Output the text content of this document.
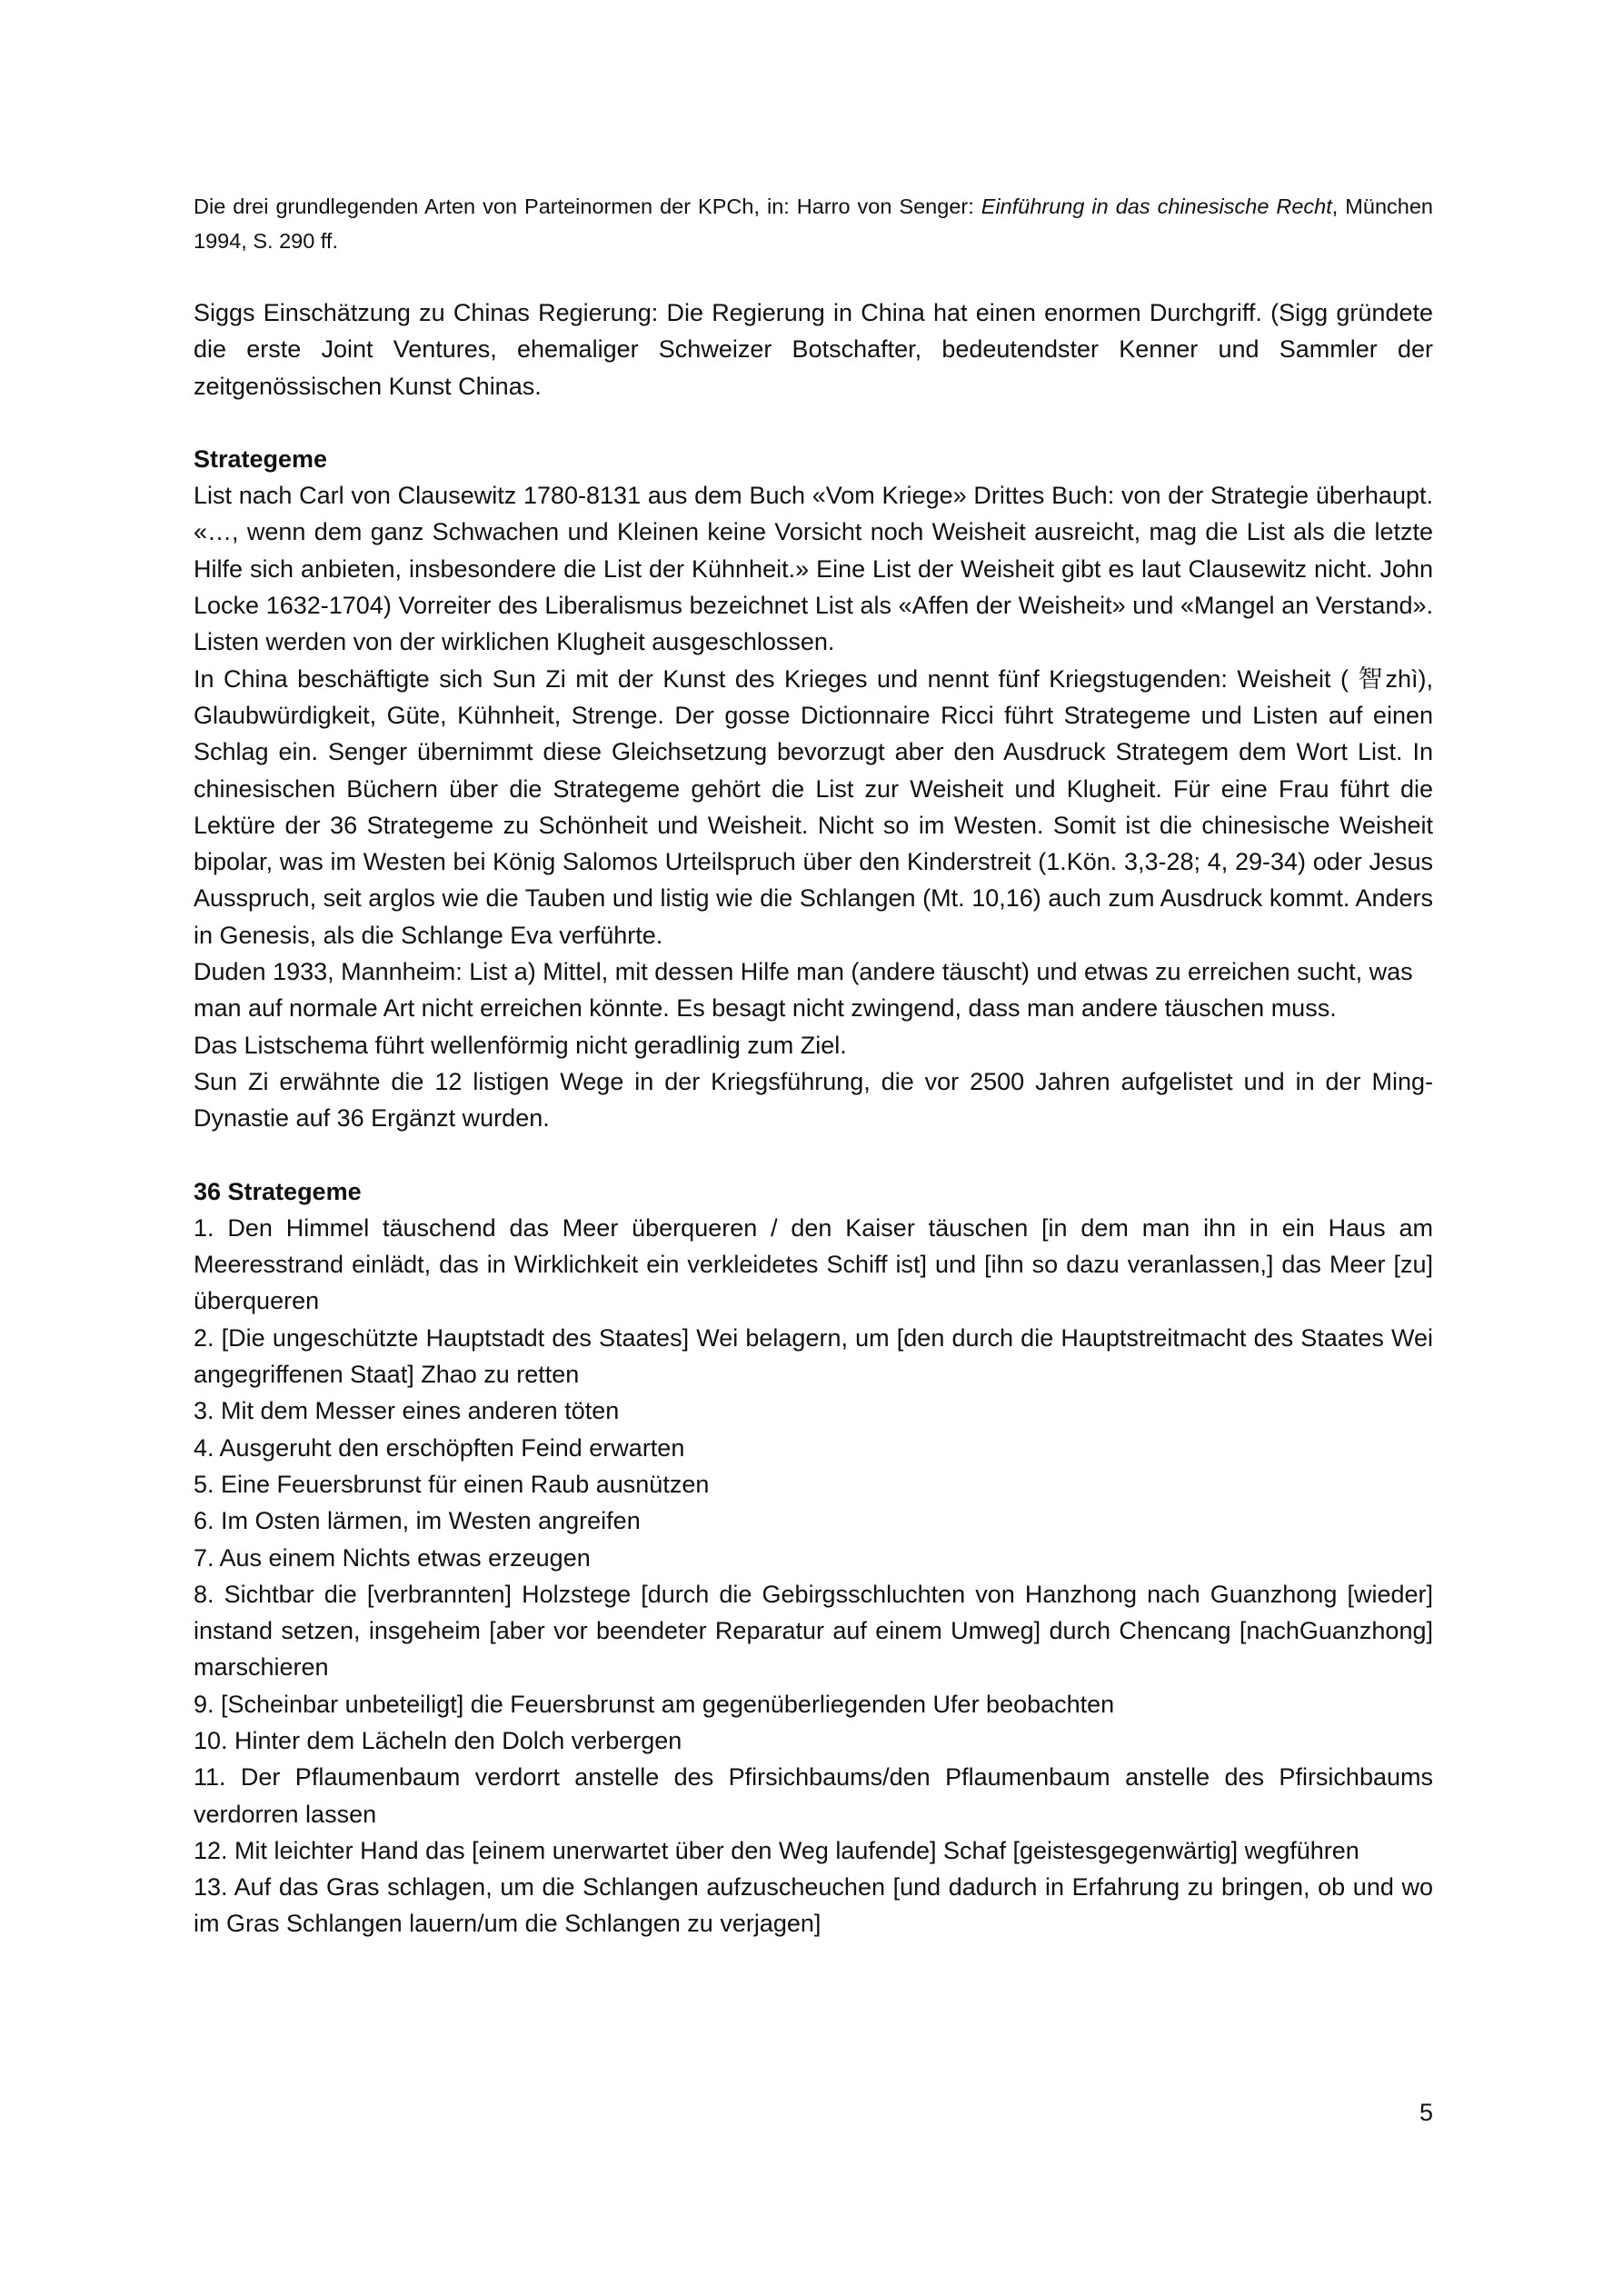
Die drei grundlegenden Arten von Parteinormen der KPCh, in: Harro von Senger: Einführung in das chinesische Recht, München 1994, S. 290 ff.

Siggs Einschätzung zu Chinas Regierung: Die Regierung in China hat einen enormen Durchgriff. (Sigg gründete die erste Joint Ventures, ehemaliger Schweizer Botschafter, bedeutendster Kenner und Sammler der zeitgenössischen Kunst Chinas.

Strategeme

List nach Carl von Clausewitz 1780-8131 aus dem Buch «Vom Kriege» Drittes Buch: von der Strategie überhaupt. «…, wenn dem ganz Schwachen und Kleinen keine Vorsicht noch Weisheit ausreicht, mag die List als die letzte Hilfe sich anbieten, insbesondere die List der Kühnheit.» Eine List der Weisheit gibt es laut Clausewitz nicht. John Locke 1632-1704) Vorreiter des Liberalismus bezeichnet List als «Affen der Weisheit» und «Mangel an Verstand». Listen werden von der wirklichen Klugheit ausgeschlossen.

In China beschäftigte sich Sun Zi mit der Kunst des Krieges und nennt fünf Kriegstugenden: Weisheit ( 智zhì), Glaubwürdigkeit, Güte, Kühnheit, Strenge. Der gosse Dictionnaire Ricci führt Strategeme und Listen auf einen Schlag ein. Senger übernimmt diese Gleichsetzung bevorzugt aber den Ausdruck Strategem dem Wort List. In chinesischen Büchern über die Strategeme gehört die List zur Weisheit und Klugheit. Für eine Frau führt die Lektüre der 36 Strategeme zu Schönheit und Weisheit. Nicht so im Westen. Somit ist die chinesische Weisheit bipolar, was im Westen bei König Salomos Urteilspruch über den Kinderstreit (1.Kön. 3,3-28; 4, 29-34) oder Jesus Ausspruch, seit arglos wie die Tauben und listig wie die Schlangen (Mt. 10,16) auch zum Ausdruck kommt. Anders in Genesis, als die Schlange Eva verführte.

Duden 1933, Mannheim: List a) Mittel, mit dessen Hilfe man (andere täuscht) und etwas zu erreichen sucht, was man auf normale Art nicht erreichen könnte. Es besagt nicht zwingend, dass man andere täuschen muss.

Das Listschema führt wellenförmig nicht geradlinig zum Ziel.

Sun Zi erwähnte die 12 listigen Wege in der Kriegsführung, die vor 2500 Jahren aufgelistet und in der Ming-Dynastie auf 36 Ergänzt wurden.

36 Strategeme

1. Den Himmel täuschend das Meer überqueren / den Kaiser täuschen [in dem man ihn in ein Haus am Meeresstrand einlädt, das in Wirklichkeit ein verkleidetes Schiff ist] und [ihn so dazu veranlassen,] das Meer [zu] überqueren
2. [Die ungeschützte Hauptstadt des Staates] Wei belagern, um [den durch die Hauptstreitmacht des Staates Wei angegriffenen Staat] Zhao zu retten
3. Mit dem Messer eines anderen töten
4. Ausgeruht den erschöpften Feind erwarten
5. Eine Feuersbrunst für einen Raub ausnützen
6. Im Osten lärmen, im Westen angreifen
7. Aus einem Nichts etwas erzeugen
8. Sichtbar die [verbrannten] Holzstege [durch die Gebirgsschluchten von Hanzhong nach Guanzhong [wieder] instand setzen, insgeheim [aber vor beendeter Reparatur auf einem Umweg] durch Chencang [nachGuanzhong] marschieren
9. [Scheinbar unbeteiligt] die Feuersbrunst am gegenüberliegenden Ufer beobachten
10. Hinter dem Lächeln den Dolch verbergen
11. Der Pflaumenbaum verdorrt anstelle des Pfirsichbaums/den Pflaumenbaum anstelle des Pfirsichbaums verdorren lassen
12. Mit leichter Hand das [einem unerwartet über den Weg laufende] Schaf [geistesgegenwärtig] wegführen
13. Auf das Gras schlagen, um die Schlangen aufzuscheuchen [und dadurch in Erfahrung zu bringen, ob und wo im Gras Schlangen lauern/um die Schlangen zu verjagen]
5
